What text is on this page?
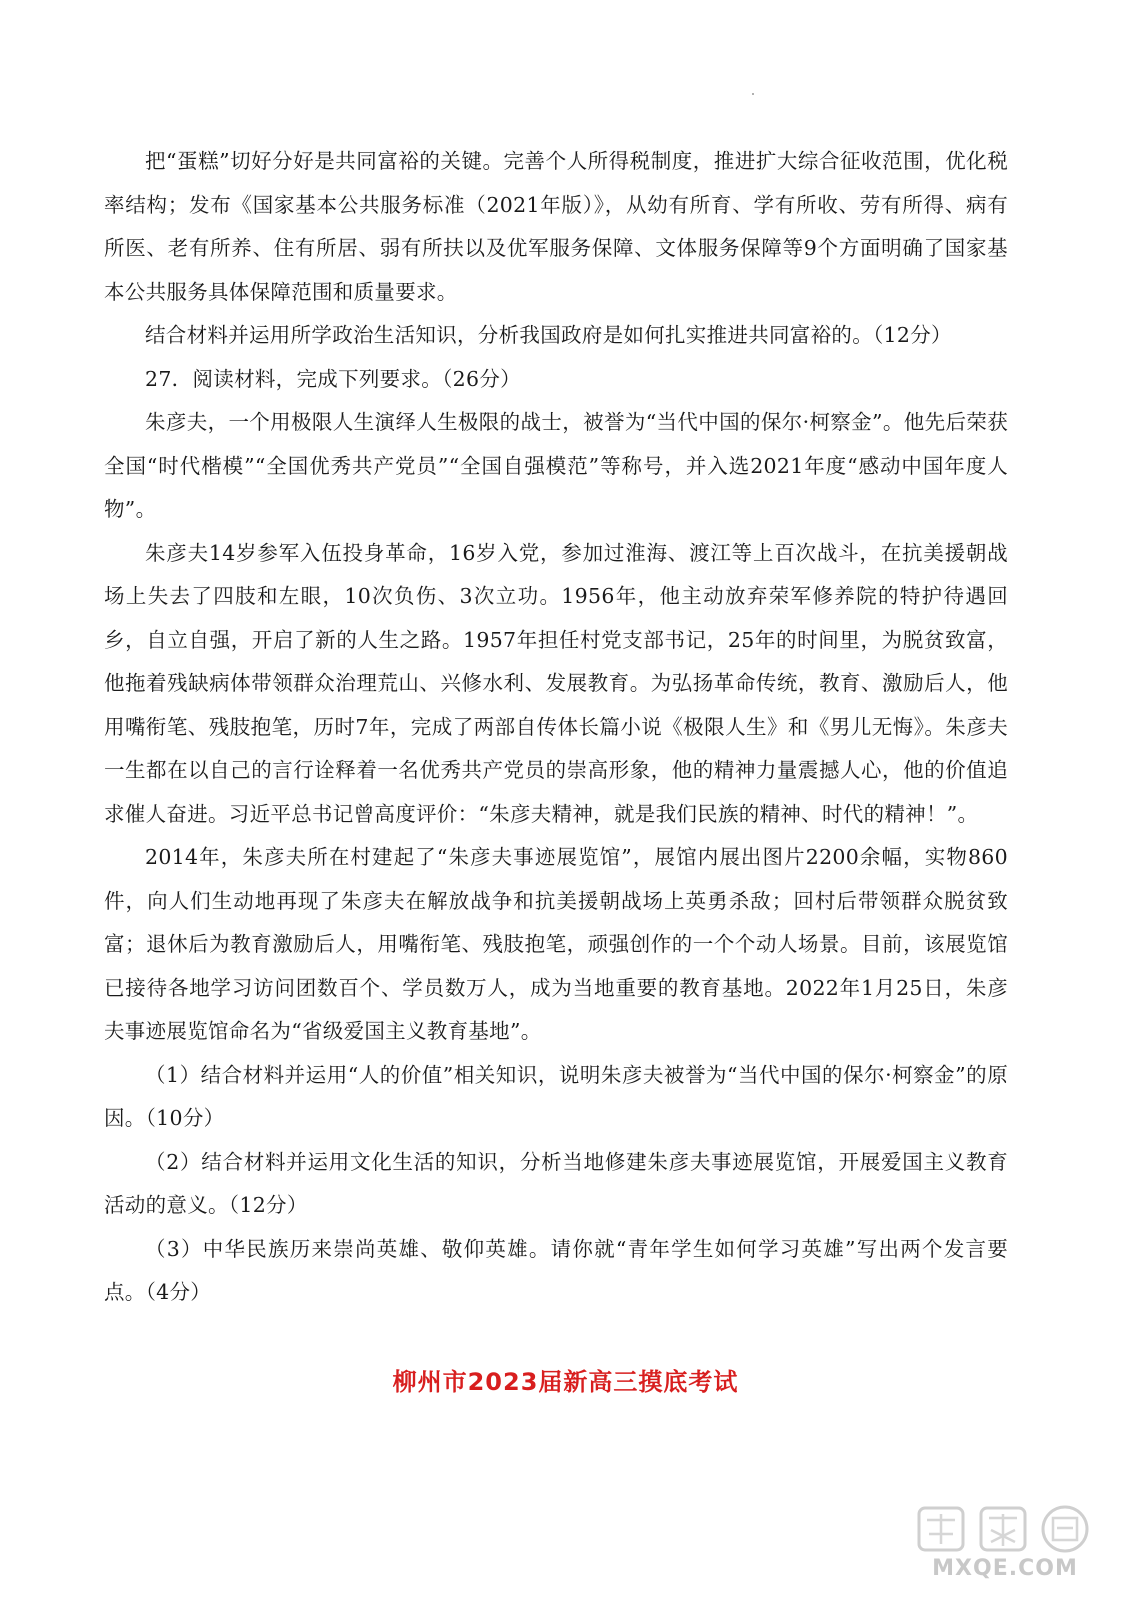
把“蛋糕”切好分好是共同富裕的关键。完善个人所得税制度，推进扩大综合征收范围，优化税率结构；发布《国家基本公共服务标准（2021年版）》，从幼有所育、学有所收、劳有所得、病有所医、老有所养、住有所居、弱有所扶以及优军服务保障、文体服务保障等9个方面明确了国家基本公共服务具体保障范围和质量要求。

结合材料并运用所学政治生活知识，分析我国政府是如何扎实推进共同富裕的。（12分）

27．阅读材料，完成下列要求。（26分）

朱彦夫，一个用极限人生演绎人生极限的战士，被誉为“当代中国的保尔·柯察金”。他先后荣获全国“时代楷模”“全国优秀共产党员”“全国自强模范”等称号，并入选2021年度“感动中国年度人物”。

朱彦夫14岁参军入伍投身革命，16岁入党，参加过淮海、渡江等上百次战斗，在抗美援朝战场上失去了四肢和左眼，10次负伤、3次立功。1956年，他主动放弃荣军修养院的特护待遇回乡，自立自强，开启了新的人生之路。1957年担任村党支部书记，25年的时间里，为脱贫致富，他拖着残缺病体带领群众治理荒山、兴修水利、发展教育。为弘扬革命传统，教育、激励后人，他用嘴衔笔、残肢抱笔，历时7年，完成了两部自传体长篇小说《极限人生》和《男儿无悔》。朱彦夫一生都在以自己的言行诠释着一名优秀共产党员的崇高形象，他的精神力量震撼人心，他的价值追求催人奋进。习近平总书记曾高度评价：“朱彦夫精神，就是我们民族的精神、时代的精神！”。

2014年，朱彦夫所在村建起了“朱彦夫事迹展览馆”，展馆内展出图片2200余幅，实物860件，向人们生动地再现了朱彦夫在解放战争和抗美援朝战场上英勇杀敌；回村后带领群众脱贫致富；退休后为教育激励后人，用嘴衔笔、残肢抱笔，顽强创作的一个个动人场景。目前，该展览馆已接待各地学习访问团数百个、学员数万人，成为当地重要的教育基地。2022年1月25日，朱彦夫事迹展览馆命名为“省级爱国主义教育基地”。

（1）结合材料并运用“人的价值”相关知识，说明朱彦夫被誉为“当代中国的保尔·柯察金”的原因。（10分）

（2）结合材料并运用文化生活的知识，分析当地修建朱彦夫事迹展览馆，开展爱国主义教育活动的意义。（12分）

（3）中华民族历来崇尚英雄、敬仰英雄。请你就“青年学生如何学习英雄”写出两个发言要点。（4分）

柳州市2023届新高三摸底考试
MXQE.COM
